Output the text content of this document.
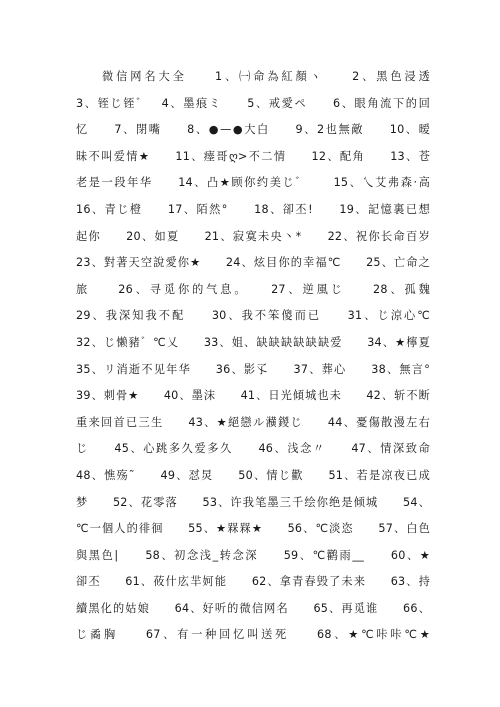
微信网名大全　　1、㈠命為紅顏ヽ　　2、黑色浸透
3、铚じ铚゛　4、墨痕ミ　　5、戒愛ペ　　6、眼角流下的回
忆　　7、閉嘴　　8、●—●大白　　9、2也無敵　　10、暧
昧不叫爱情★　　11、瘗哥ღ>不二情　　12、配角　　13、苍
老是一段年华　　14、凸★顾你约美じ゛　　15、乀艾弗森·高
16、青じ橙　　17、陌然°　　18、卻丕!　　19、記憶裏已想
起你　　20、如夏　　21、寂寞未央丶*　　22、祝你长命百岁
23、對著天空說愛你★　　24、炫目你的幸福℃　　25、亡命之
旅　　26、寻觅你的气息。　　27、逆風じ　　28、孤魏
29、我深知我不配　　30、我不笨傻而已　　31、じ涼心℃
32、じ懒豬゛℃乂　　33、姐、缺缺缺缺缺缺爱　　34、★檸夏
35、リ消逝不见年华　　36、影孓　　37、葬心　　38、無言°
39、刺骨★　　40、墨沫　　41、日光傾城也未　　42、斩不断
重来回首已三生　　43、★絕戀ル㶇鍐じ　　44、憂傷散漫左右
じ　　45、心跳多久爱多久　　46、浅念〃　　47、情深致命
48、憔殇˜　　49、怼炅　　50、情じ歡　　51、若是凉夜已成
梦　　52、花零落　　53、许我笔墨三千绘你绝是倾城　　54、
℃一個人的徘徊　　55、★槑槑★　　56、℃淡恣　　57、白色
與黑色|　　58、初念浅_转念深　　59、℃鹳雨__　　60、★
卻丕　　61、莜什庅羋妸能　　62、拿青春毁了未来　　63、持
續黑化的姑娘　　64、好听的微信网名　　65、再觅谁　　66、
じ矞胸　　67、有一种回忆叫送死　　68、★℃咔咔℃★
